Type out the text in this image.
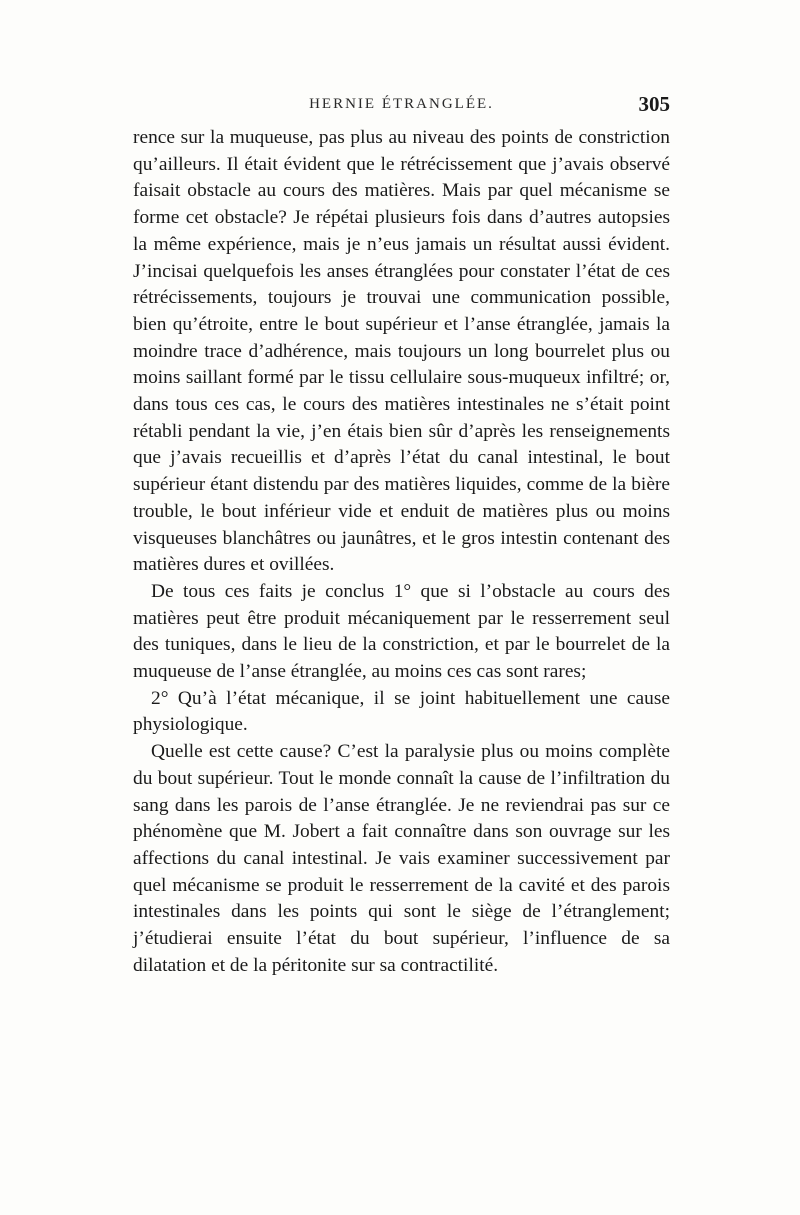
HERNIE ÉTRANGLÉE.	305

rence sur la muqueuse, pas plus au niveau des points de constriction qu’ailleurs. Il était évident que le rétrécissement que j’avais observé faisait obstacle au cours des matières. Mais par quel mécanisme se forme cet obstacle? Je répétai plusieurs fois dans d’autres autopsies la même expérience, mais je n’eus jamais un résultat aussi évident. J’incisai quelquefois les anses étranglées pour constater l’état de ces rétrécissements, toujours je trouvai une communication possible, bien qu’étroite, entre le bout supérieur et l’anse étranglée, jamais la moindre trace d’adhérence, mais toujours un long bourrelet plus ou moins saillant formé par le tissu cellulaire sous-muqueux infiltré; or, dans tous ces cas, le cours des matières intestinales ne s’était point rétabli pendant la vie, j’en étais bien sûr d’après les renseignements que j’avais recueillis et d’après l’état du canal intestinal, le bout supérieur étant distendu par des matières liquides, comme de la bière trouble, le bout inférieur vide et enduit de matières plus ou moins visqueuses blanchâtres ou jaunâtres, et le gros intestin contenant des matières dures et ovillées.

De tous ces faits je conclus 1° que si l’obstacle au cours des matières peut être produit mécaniquement par le resserrement seul des tuniques, dans le lieu de la constriction, et par le bourrelet de la muqueuse de l’anse étranglée, au moins ces cas sont rares;

2° Qu’à l’état mécanique, il se joint habituellement une cause physiologique.

Quelle est cette cause? C’est la paralysie plus ou moins complète du bout supérieur. Tout le monde connaît la cause de l’infiltration du sang dans les parois de l’anse étranglée. Je ne reviendrai pas sur ce phénomène que M. Jobert a fait connaître dans son ouvrage sur les affections du canal intestinal. Je vais examiner successivement par quel mécanisme se produit le resserrement de la cavité et des parois intestinales dans les points qui sont le siège de l’étranglement; j’étudierai ensuite l’état du bout supérieur, l’influence de sa dilatation et de la péritonite sur sa contractilité.
